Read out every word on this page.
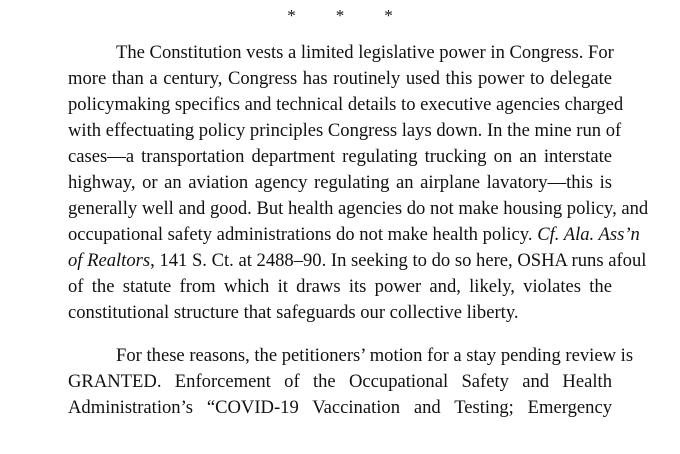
* * *
The Constitution vests a limited legislative power in Congress. For
more than a century, Congress has routinely used this power to delegate
policymaking specifics and technical details to executive agencies charged
with effectuating policy principles Congress lays down. In the mine run of
cases—a transportation department regulating trucking on an interstate
highway, or an aviation agency regulating an airplane lavatory—this is
generally well and good. But health agencies do not make housing policy, and
occupational safety administrations do not make health policy. Cf. Ala. Ass’n
of Realtors, 141 S. Ct. at 2488–90. In seeking to do so here, OSHA runs afoul
of the statute from which it draws its power and, likely, violates the
constitutional structure that safeguards our collective liberty.
For these reasons, the petitioners’ motion for a stay pending review is
GRANTED. Enforcement of the Occupational Safety and Health
Administration’s “COVID-19 Vaccination and Testing; Emergency
